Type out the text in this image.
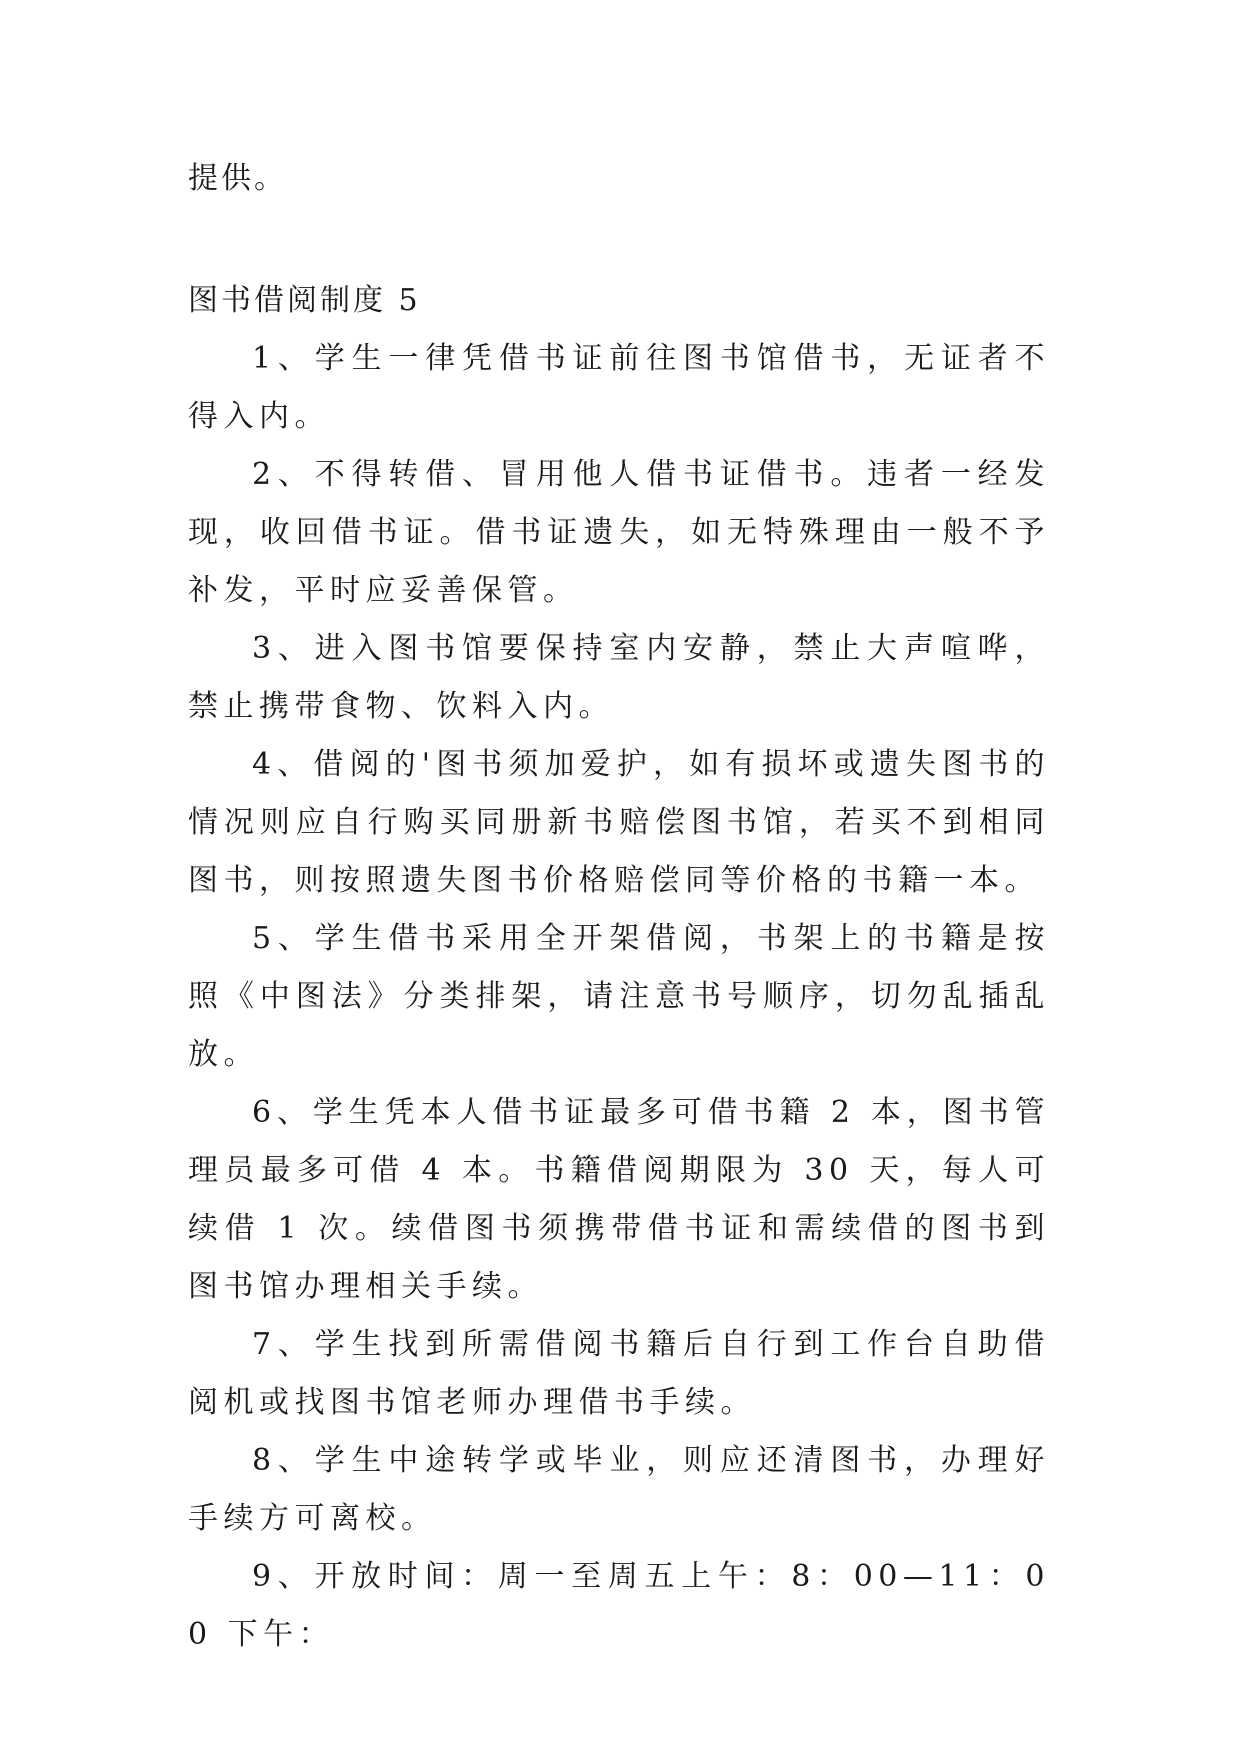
提供。

图书借阅制度 5

1、学生一律凭借书证前往图书馆借书，无证者不得入内。

2、不得转借、冒用他人借书证借书。违者一经发现，收回借书证。借书证遗失，如无特殊理由一般不予补发，平时应妥善保管。

3、进入图书馆要保持室内安静，禁止大声喧哗，禁止携带食物、饮料入内。

4、借阅的'图书须加爱护，如有损坏或遗失图书的情况则应自行购买同册新书赔偿图书馆，若买不到相同图书，则按照遗失图书价格赔偿同等价格的书籍一本。

5、学生借书采用全开架借阅，书架上的书籍是按照《中图法》分类排架，请注意书号顺序，切勿乱插乱放。

6、学生凭本人借书证最多可借书籍 2 本，图书管理员最多可借 4 本。书籍借阅期限为 30 天，每人可续借 1 次。续借图书须携带借书证和需续借的图书到图书馆办理相关手续。

7、学生找到所需借阅书籍后自行到工作台自助借阅机或找图书馆老师办理借书手续。

8、学生中途转学或毕业，则应还清图书，办理好手续方可离校。

9、开放时间：周一至周五上午：8：00—11：00 下午：
